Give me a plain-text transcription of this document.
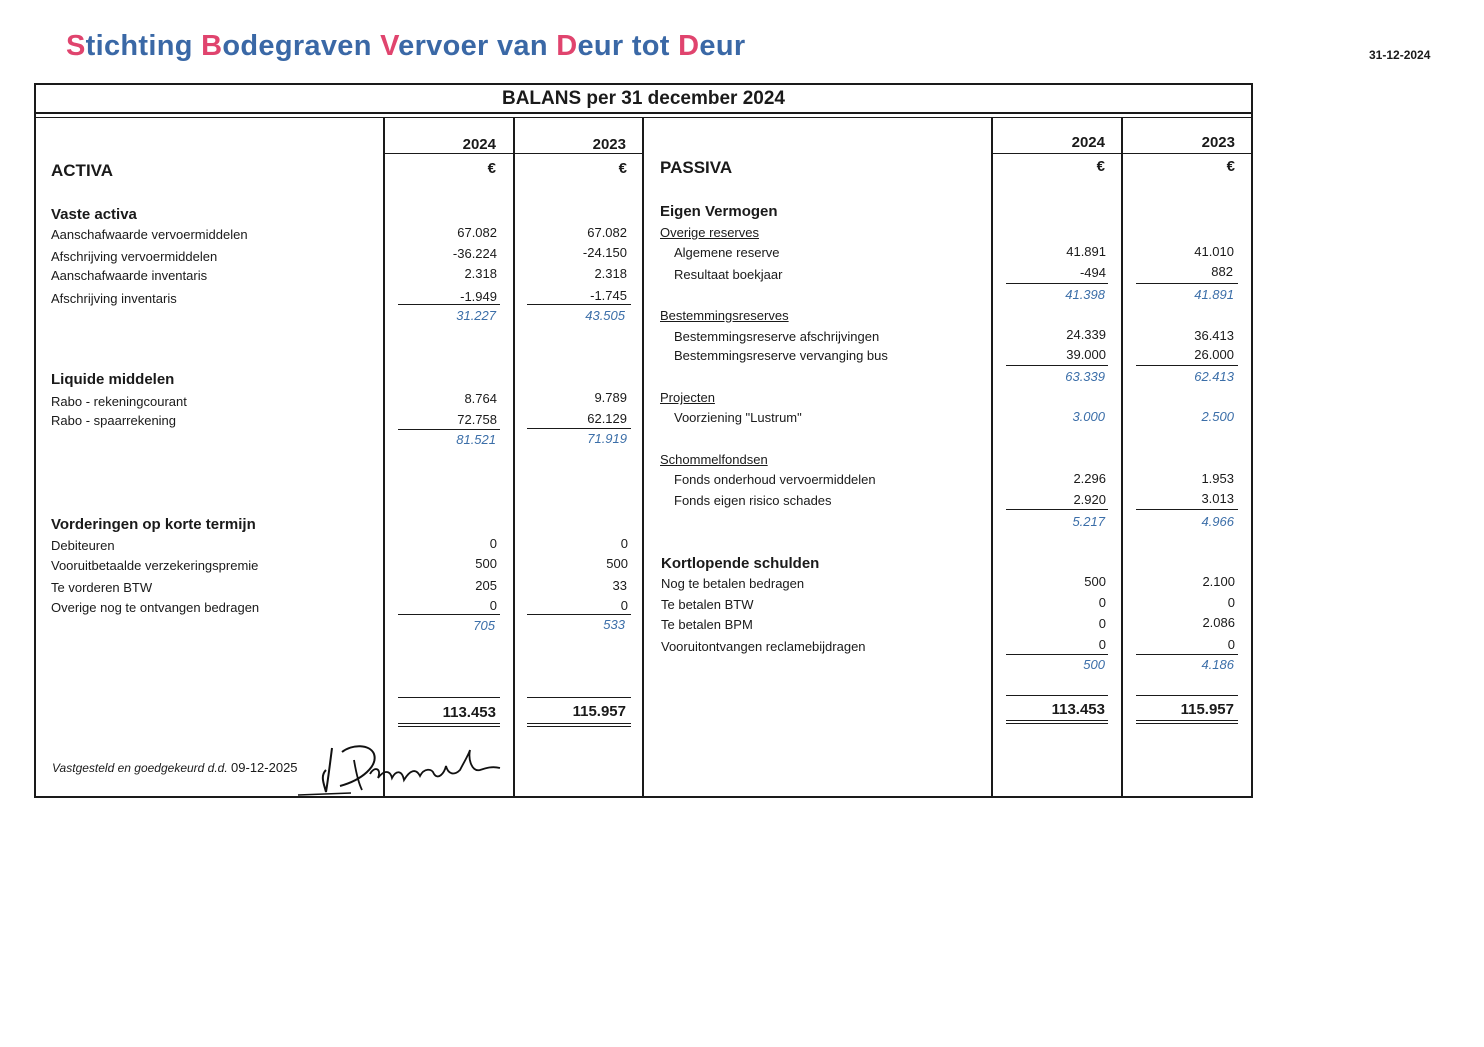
Stichting Bodegraven Vervoer van Deur tot Deur	31-12-2024
BALANS per 31 december 2024
2024	2023	2024	2023
€	€	€	€
ACTIVA
Vaste activa
Aanschafwaarde vervoermiddelen	67.082	67.082
Afschrijving vervoermiddelen	-36.224	-24.150
Aanschafwaarde inventaris	2.318	2.318
Afschrijving inventaris	-1.949	-1.745
31.227	43.505
Liquide middelen
Rabo - rekeningcourant	8.764	9.789
Rabo - spaarrekening	72.758	62.129
81.521	71.919
Vorderingen op korte termijn
Debiteuren	0	0
Vooruitbetaalde verzekeringspremie	500	500
Te vorderen BTW	205	33
Overige nog te ontvangen bedragen	0	0
705	533
113.453	115.957
PASSIVA
Eigen Vermogen
Overige reserves
Algemene reserve	41.891	41.010
Resultaat boekjaar	-494	882
41.398	41.891
Bestemmingsreserves
Bestemmingsreserve afschrijvingen	24.339	36.413
Bestemmingsreserve vervanging bus	39.000	26.000
63.339	62.413
Projecten
Voorziening "Lustrum"	3.000	2.500
Schommelfondsen
Fonds onderhoud vervoermiddelen	2.296	1.953
Fonds eigen risico schades	2.920	3.013
5.217	4.966
Kortlopende schulden
Nog te betalen bedragen	500	2.100
Te betalen BTW	0	0
Te betalen BPM	0	2.086
Vooruitontvangen reclamebijdragen	0	0
500	4.186
113.453	115.957
Vastgesteld en goedgekeurd d.d. 09-12-2025
